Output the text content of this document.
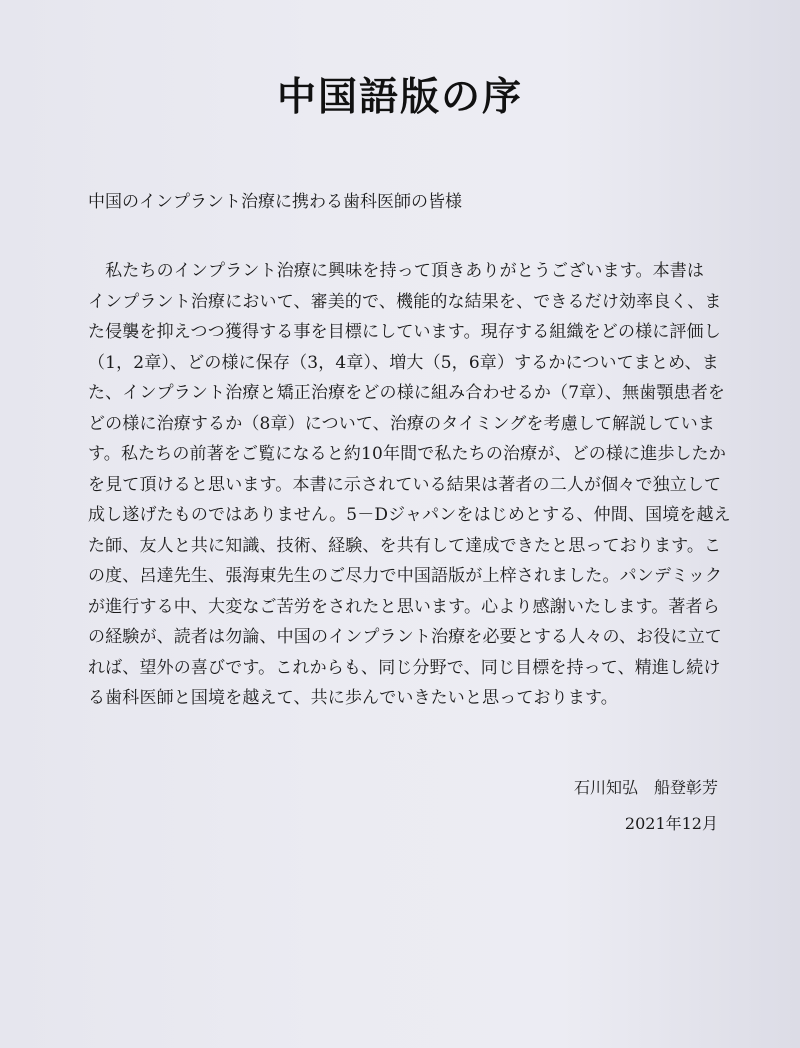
中国語版の序

中国のインプラント治療に携わる歯科医師の皆様

　私たちのインプラント治療に興味を持って頂きありがとうございます。本書は
インプラント治療において、審美的で、機能的な結果を、できるだけ効率良く、ま
た侵襲を抑えつつ獲得する事を目標にしています。現存する組織をどの様に評価し
（1，2章）、どの様に保存（3，4章）、増大（5，6章）するかについてまとめ、ま
た、インプラント治療と矯正治療をどの様に組み合わせるか（7章）、無歯顎患者を
どの様に治療するか（8章）について、治療のタイミングを考慮して解説していま
す。私たちの前著をご覧になると約10年間で私たちの治療が、どの様に進歩したか
を見て頂けると思います。本書に示されている結果は著者の二人が個々で独立して
成し遂げたものではありません。5－Dジャパンをはじめとする、仲間、国境を越え
た師、友人と共に知識、技術、経験、を共有して達成できたと思っております。こ
の度、呂達先生、張海東先生のご尽力で中国語版が上梓されました。パンデミック
が進行する中、大変なご苦労をされたと思います。心より感謝いたします。著者ら
の経験が、読者は勿論、中国のインプラント治療を必要とする人々の、お役に立て
れば、望外の喜びです。これからも、同じ分野で、同じ目標を持って、精進し続け
る歯科医師と国境を越えて、共に歩んでいきたいと思っております。
石川知弘　船登彰芳
2021年12月
